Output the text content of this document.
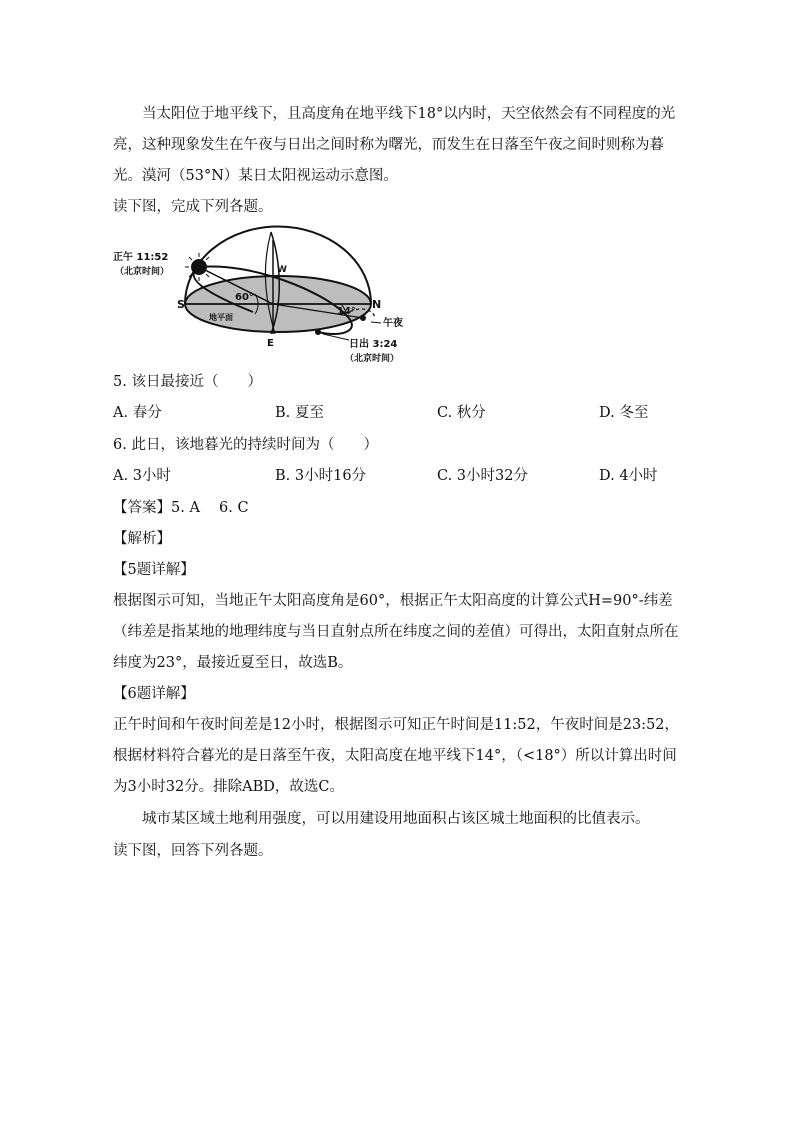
当太阳位于地平线下，且高度角在地平线下18°以内时，天空依然会有不同程度的光亮，这种现象发生在午夜与日出之间时称为曙光，而发生在日落至午夜之间时则称为暮光。漠河（53°N）某日太阳视运动示意图。

读下图，完成下列各题。
正午 11:52
（北京时间）
60°
14°
S	N
E
W
地平面
午夜
日出 3:24
（北京时间）
5. 该日最接近（　　）
A. 春分	B. 夏至	C. 秋分	D. 冬至
6. 此日，该地暮光的持续时间为（　　）
A. 3小时	B. 3小时16分	C. 3小时32分	D. 4小时
【答案】5. A　 6. C
【解析】
【5题详解】

根据图示可知，当地正午太阳高度角是60°，根据正午太阳高度的计算公式H=90°-纬差（纬差是指某地的地理纬度与当日直射点所在纬度之间的差值）可得出，太阳直射点所在纬度为23°，最接近夏至日，故选B。

【6题详解】

正午时间和午夜时间差是12小时，根据图示可知正午时间是11:52，午夜时间是23:52，根据材料符合暮光的是日落至午夜，太阳高度在地平线下14°，（<18°）所以计算出时间为3小时32分。排除ABD，故选C。

城市某区域土地利用强度，可以用建设用地面积占该区城土地面积的比值表示。

读下图，回答下列各题。
